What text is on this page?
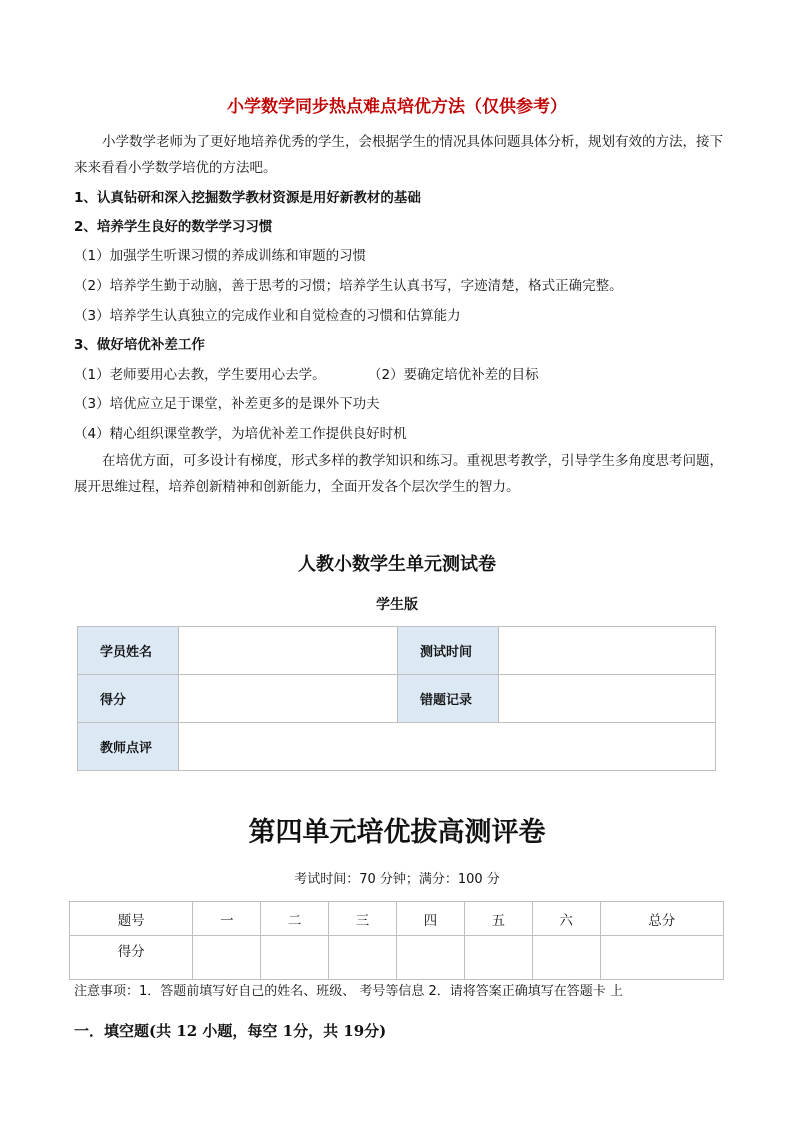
小学数学同步热点难点培优方法（仅供参考）
小学数学老师为了更好地培养优秀的学生，会根据学生的情况具体问题具体分析，规划有效的方法，接下来来看看小学数学培优的方法吧。
1、认真钻研和深入挖掘数学教材资源是用好新教材的基础
2、培养学生良好的数学学习习惯
（1）加强学生听课习惯的养成训练和审题的习惯
（2）培养学生勤于动脑，善于思考的习惯；培养学生认真书写，字迹清楚，格式正确完整。
（3）培养学生认真独立的完成作业和自觉检查的习惯和估算能力
3、做好培优补差工作
（1）老师要用心去教，学生要用心去学。	（2）要确定培优补差的目标
（3）培优应立足于课堂，补差更多的是课外下功夫
（4）精心组织课堂教学，为培优补差工作提供良好时机
在培优方面，可多设计有梯度，形式多样的教学知识和练习。重视思考教学，引导学生多角度思考问题，展开思维过程，培养创新精神和创新能力，全面开发各个层次学生的智力。
人教小数学生单元测试卷
学生版
学员姓名		测试时间	
得分		错题记录	
教师点评			
第四单元培优拔高测评卷
考试时间：70 分钟；满分：100 分
题号	一	二	三	四	五	六	总分
得分							
注意事项：1．答题前填写好自己的姓名、班级、 考号等信息 2．请将答案正确填写在答题卡 上
一．填空题(共 12 小题，每空 1分，共 19分)
